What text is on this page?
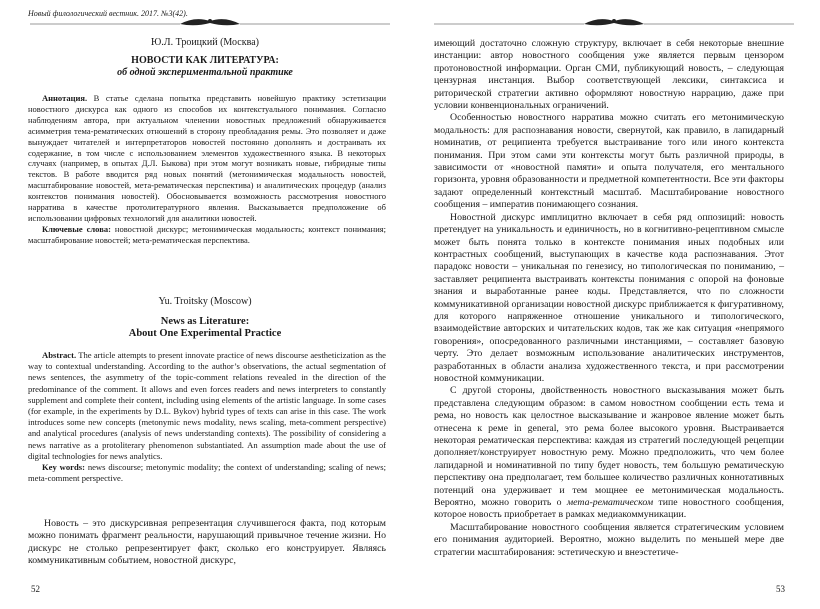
Новый филологический вестник. 2017. №3(42).
Ю.Л. Троицкий (Москва)
НОВОСТИ КАК ЛИТЕРАТУРА:
об одной экспериментальной практике

Аннотация. В статье сделана попытка представить новейшую практику эстетизации новостного дискурса как одного из способов их контекстуального понимания. Согласно наблюдениям автора, при актуальном членении новостных предложений обнаруживается асимметрия тема-рематических отношений в сторону преобладания ремы. Это позволяет и даже вынуждает читателей и интерпретаторов новостей постоянно дополнять и достраивать их содержание, в том числе с использованием элементов художественного языка. В некоторых случаях (например, в опытах Д.Л. Быкова) при этом могут возникать новые, гибридные типы текстов. В работе вводится ряд новых понятий (метонимическая модальность новостей, масштабирование новостей, мета-рематическая перспектива) и аналитических процедур (анализ контекстов понимания новостей). Обосновывается возможность рассмотрения новостного нарратива в качестве протолитературного явления. Высказывается предположение об использовании цифровых технологий для аналитики новостей.

Ключевые слова: новостной дискурс; метонимическая модальность; контекст понимания; масштабирование новостей; мета-рематическая перспектива.

Yu. Troitsky (Moscow)
News as Literature:
About One Experimental Practice

Abstract. The article attempts to present innovate practice of news discourse aestheticization as the way to contextual understanding. According to the author’s observations, the actual segmentation of news sentences, the asymmetry of the topic-comment relations revealed in the direction of the predominance of the comment. It allows and even forces readers and news interpreters to constantly supplement and complete their content, including using elements of the artistic language. In some cases (for example, in the experiments by D.L. Bykov) hybrid types of texts can arise in this case. The work introduces some new concepts (metonymic news modality, news scaling, meta-comment perspective) and analytical procedures (analysis of news understanding contexts). The possibility of considering a news narrative as a protoliterary phenomenon substantiated. An assumption made about the use of digital technologies for news analytics.

Key words: news discourse; metonymic modality; the context of understanding; scaling of news; meta-comment perspective.

Новость – это дискурсивная репрезентация случившегося факта, под которым можно понимать фрагмент реальности, нарушающий привычное течение жизни. Но дискурс не столько репрезентирует факт, сколько его конструирует. Являясь коммуникативным событием, новостной дискурс,

52

имеющий достаточно сложную структуру, включает в себя некоторые внешние инстанции: автор новостного сообщения уже является первым цензором протоновостной информации. Орган СМИ, публикующий новость, – следующая цензурная инстанция. Выбор соответствующей лексики, синтаксиса и риторической стратегии активно оформляют новостную наррацию, даже при условии конвенциональных ограничений.

Особенностью новостного нарратива можно считать его метонимическую модальность: для распознавания новости, свернутой, как правило, в лапидарный номинатив, от реципиента требуется выстраивание того или иного контекста понимания. При этом сами эти контексты могут быть различной природы, в зависимости от «новостной памяти» и опыта получателя, его ментального горизонта, уровня образованности и предметной компетентности. Все эти факторы задают определенный контекстный масштаб. Масштабирование новостного сообщения – императив понимающего сознания.

Новостной дискурс имплицитно включает в себя ряд оппозиций: новость претендует на уникальность и единичность, но в когнитивно-рецептивном смысле может быть понята только в контексте понимания иных подобных или контрастных сообщений, выступающих в качестве кода распознавания. Этот парадокс новости – уникальная по генезису, но типологическая по пониманию, – заставляет реципиента выстраивать контексты понимания с опорой на фоновые знания и выработанные ранее коды. Представляется, что по сложности коммуникативной организации новостной дискурс приближается к фигуративному, для которого напряженное отношение уникального и типологического, взаимодействие авторских и читательских кодов, так же как ситуация «непрямого говорения», опосредованного различными инстанциями, – составляет базовую черту. Это делает возможным использование аналитических инструментов, разработанных в области анализа художественного текста, и при рассмотрении новостной коммуникации.

С другой стороны, двойственность новостного высказывания может быть представлена следующим образом: в самом новостном сообщении есть тема и рема, но новость как целостное высказывание и жанровое явление может быть отнесена к реме in general, это рема более высокого уровня. Выстраивается некоторая рематическая перспектива: каждая из стратегий последующей рецепции дополняет/конструирует новостную рему. Можно предположить, что чем более лапидарной и номинативной по типу будет новость, тем большую рематическую перспективу она предполагает, тем большее количество различных коннотативных потенций она удерживает и тем мощнее ее метонимическая модальность. Вероятно, можно говорить о мета-рематическом типе новостного сообщения, которое новость приобретает в рамках медиакоммуникации.

Масштабирование новостного сообщения является стратегическим условием его понимания аудиторией. Вероятно, можно выделить по меньшей мере две стратегии масштабирования: эстетическую и внеэстетиче-

53
